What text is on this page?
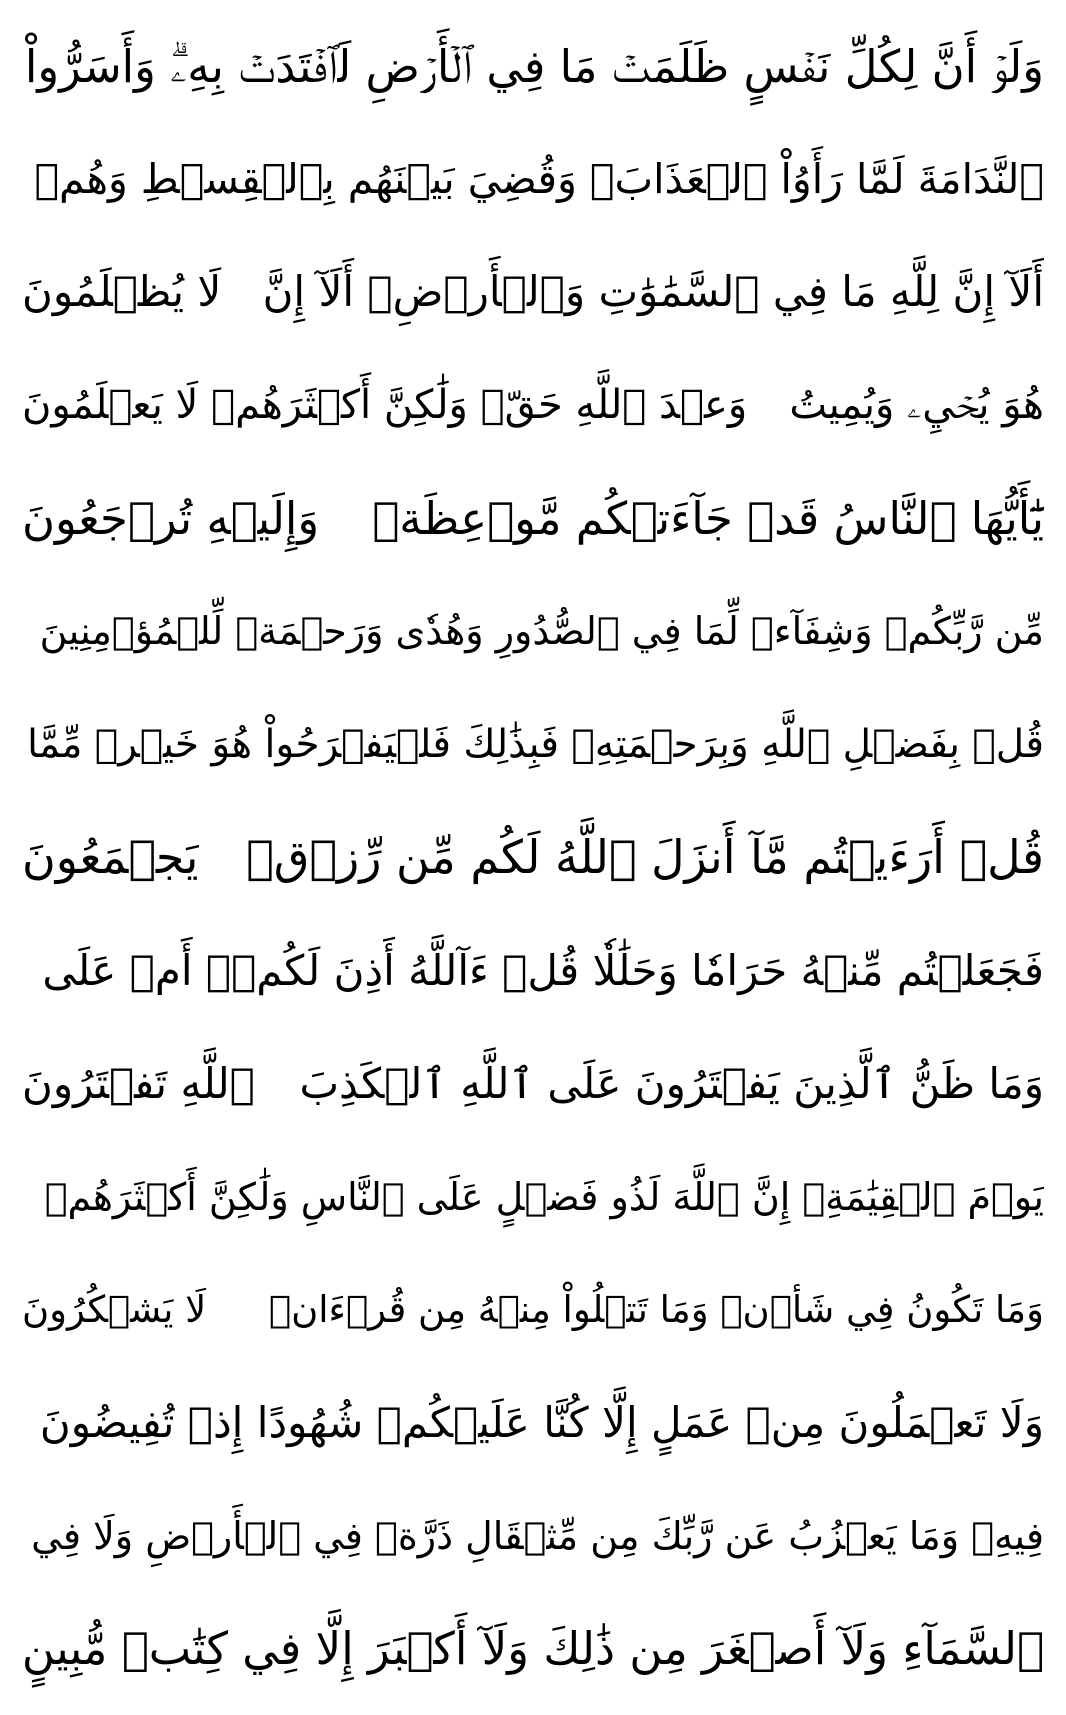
وَلَوۡ أَنَّ لِكُلِّ نَفۡسٍ ظَلَمَتۡ مَا فِي ٱلۡأَرۡضِ لَٱفۡتَدَتۡ بِهِۦۗ وَأَسَرُّواْ
ٱلنَّدَامَةَ لَمَّا رَأَوُاْ ٱلۡعَذَابَۖ وَقُضِيَ بَيۡنَهُم بِٱلۡقِسۡطِ وَهُمۡ
أَلَآ إِنَّ لِلَّهِ مَا فِي ٱلسَّمَٰوَٰتِ وَٱلۡأَرۡضِۗ أَلَآ إِنَّ
لَا يُظۡلَمُونَ
هُوَ يُحۡيِۦ وَيُمِيتُ
وَعۡدَ ٱللَّهِ حَقّٞ وَلَٰكِنَّ أَكۡثَرَهُمۡ لَا يَعۡلَمُونَ
يَٰٓأَيُّهَا ٱلنَّاسُ قَدۡ جَآءَتۡكُم مَّوۡعِظَةٞ
وَإِلَيۡهِ تُرۡجَعُونَ
مِّن رَّبِّكُمۡ وَشِفَآءٞ لِّمَا فِي ٱلصُّدُورِ وَهُدٗى وَرَحۡمَةٞ لِّلۡمُؤۡمِنِينَ
قُلۡ بِفَضۡلِ ٱللَّهِ وَبِرَحۡمَتِهِۦ فَبِذَٰلِكَ فَلۡيَفۡرَحُواْ هُوَ خَيۡرٞ مِّمَّا
قُلۡ أَرَءَيۡتُم مَّآ أَنزَلَ ٱللَّهُ لَكُم مِّن رِّزۡقٖ
يَجۡمَعُونَ
فَجَعَلۡتُم مِّنۡهُ حَرَامٗا وَحَلَٰلٗا قُلۡ ءَآللَّهُ أَذِنَ لَكُمۡۖ أَمۡ عَلَى
وَمَا ظَنُّ ٱلَّذِينَ يَفۡتَرُونَ عَلَى ٱللَّهِ ٱلۡكَذِبَ
ٱللَّهِ تَفۡتَرُونَ
يَوۡمَ ٱلۡقِيَٰمَةِۗ إِنَّ ٱللَّهَ لَذُو فَضۡلٍ عَلَى ٱلنَّاسِ وَلَٰكِنَّ أَكۡثَرَهُمۡ
وَمَا تَكُونُ فِي شَأۡنٖ وَمَا تَتۡلُواْ مِنۡهُ مِن قُرۡءَانٖ
لَا يَشۡكُرُونَ
وَلَا تَعۡمَلُونَ مِنۡ عَمَلٍ إِلَّا كُنَّا عَلَيۡكُمۡ شُهُودًا إِذۡ تُفِيضُونَ
فِيهِۚ وَمَا يَعۡزُبُ عَن رَّبِّكَ مِن مِّثۡقَالِ ذَرَّةٖ فِي ٱلۡأَرۡضِ وَلَا فِي
ٱلسَّمَآءِ وَلَآ أَصۡغَرَ مِن ذَٰلِكَ وَلَآ أَكۡبَرَ إِلَّا فِي كِتَٰبٖ مُّبِينٍ
